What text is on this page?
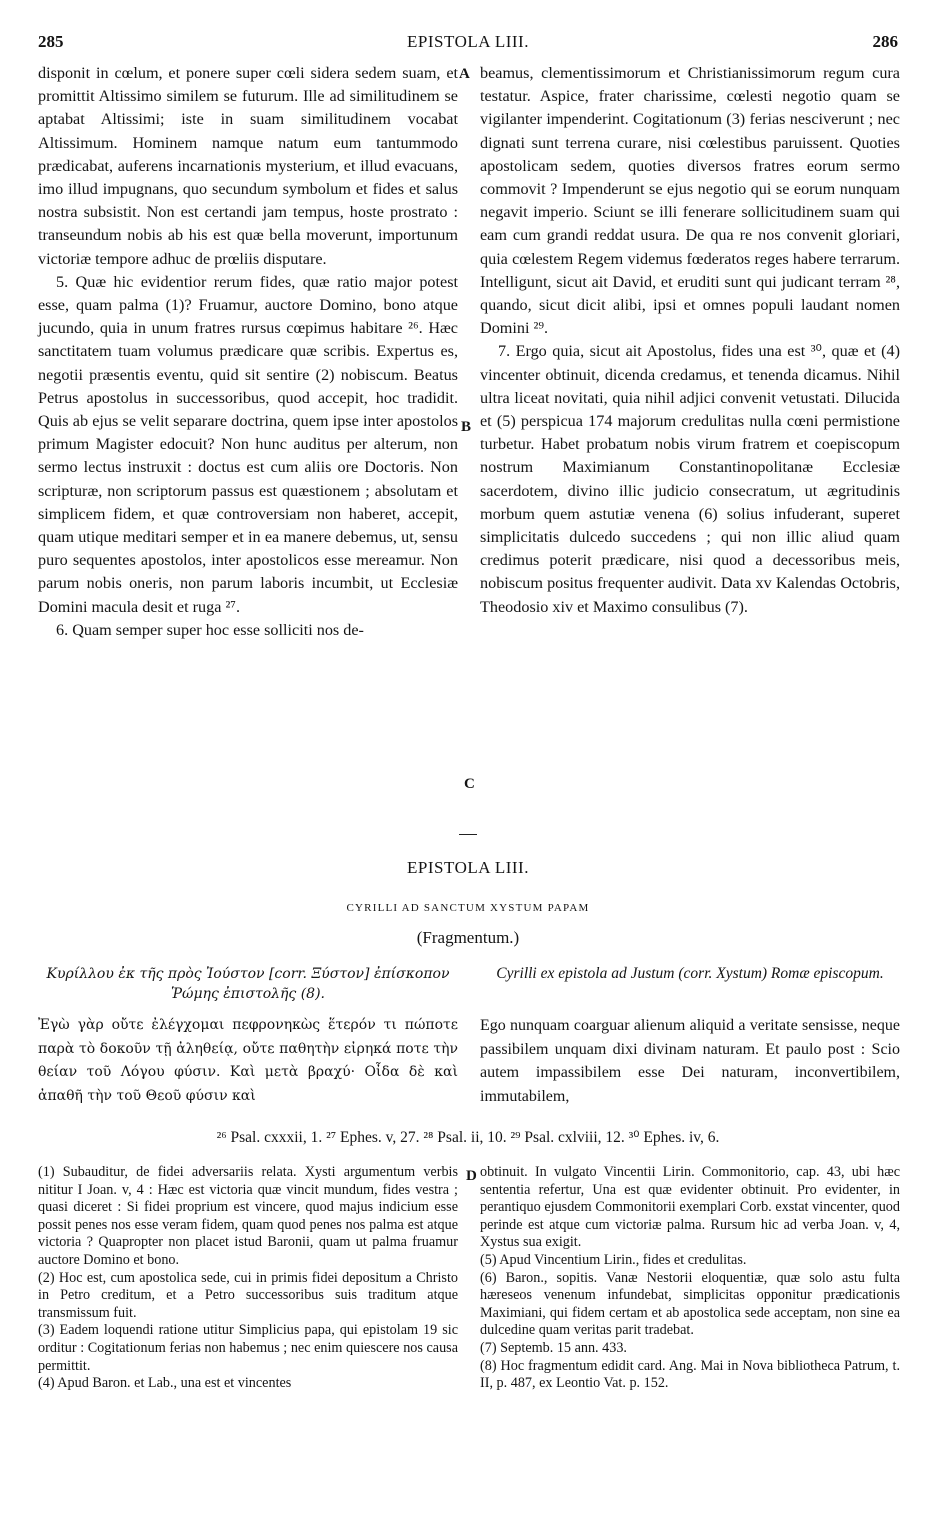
285	EPISTOLA LIII.	286

disponit in cœlum, et ponere super cœli sidera sedem suam, et promittit Altissimo similem se futurum. Ille ad similitudinem se aptabat Altissimi; iste in suam similitudinem vocabat Altissimum. Hominem namque natum eum tantummodo prædicabat, auferens incarnationis mysterium, et illud evacuans, imo illud impugnans, quo secundum symbolum et fides et salus nostra subsistit. Non est certandi jam tempus, hoste prostrato : transeundum nobis ab his est quæ bella moverunt, importunum victoriæ tempore adhuc de prœliis disputare.

5. Quæ hic evidentior rerum fides, quæ ratio major potest esse, quam palma (1)? Fruamur, auctore Domino, bono atque jucundo, quia in unum fratres rursus cœpimus habitare ²⁶. Hæc sanctitatem tuam volumus prædicare quæ scribis. Expertus es, negotii præsentis eventu, quid sit sentire (2) nobiscum. Beatus Petrus apostolus in successoribus, quod accepit, hoc tradidit. Quis ab ejus se velit separare doctrina, quem ipse inter apostolos primum Magister edocuit? Non hunc auditus per alterum, non sermo lectus instruxit : doctus est cum aliis ore Doctoris. Non scripturæ, non scriptorum passus est quæstionem ; absolutam et simplicem fidem, et quæ controversiam non haberet, accepit, quam utique meditari semper et in ea manere debemus, ut, sensu puro sequentes apostolos, inter apostolicos esse mereamur. Non parum nobis oneris, non parum laboris incumbit, ut Ecclesiæ Domini macula desit et ruga ²⁷.

6. Quam semper super hoc esse solliciti nos de-

A
B
C
D

beamus, clementissimorum et Christianissimorum regum cura testatur. Aspice, frater charissime, cœlesti negotio quam se vigilanter impenderint. Cogitationum (3) ferias nesciverunt ; nec dignati sunt terrena curare, nisi cœlestibus paruissent. Quoties apostolicam sedem, quoties diversos fratres eorum sermo commovit ? Impenderunt se ejus negotio qui se eorum nunquam negavit imperio. Sciunt se illi fenerare sollicitudinem suam qui eam cum grandi reddat usura. De qua re nos convenit gloriari, quia cœlestem Regem videmus fœderatos reges habere terrarum. Intelligunt, sicut ait David, et eruditi sunt qui judicant terram ²⁸, quando, sicut dicit alibi, ipsi et omnes populi laudant nomen Domini ²⁹.

7. Ergo quia, sicut ait Apostolus, fides una est ³⁰, quæ et (4) vincenter obtinuit, dicenda credamus, et tenenda dicamus. Nihil ultra liceat novitati, quia nihil adjici convenit vetustati. Dilucida et (5) perspicua 174 majorum credulitas nulla cœni permistione turbetur. Habet probatum nobis virum fratrem et coepiscopum nostrum Maximianum Constantinopolitanæ Ecclesiæ sacerdotem, divino illic judicio consecratum, ut ægritudinis morbum quem astutiæ venena (6) solius infuderant, superet simplicitatis dulcedo succedens ; qui non illic aliud quam credimus poterit prædicare, nisi quod a decessoribus meis, nobiscum positus frequenter audivit. Data xv Kalendas Octobris, Theodosio xiv et Maximo consulibus (7).

EPISTOLA LIII.
CYRILLI AD SANCTUM XYSTUM PAPAM
(Fragmentum.)
Κυρίλλου ἐκ τῆς πρὸς Ἰούστον [corr. Ξύστον] ἐπίσκοπον Ῥώμης ἐπιστολῆς (8).
Cyrilli ex epistola ad Justum (corr. Xystum) Romæ episcopum.
Ἐγὼ γὰρ οὔτε ἐλέγχομαι πεφρονηκὼς ἕτερόν τι πώποτε παρὰ τὸ δοκοῦν τῇ ἀληθείᾳ, οὔτε παθητὴν εἰρηκά ποτε τὴν θείαν τοῦ Λόγου φύσιν. Καὶ μετὰ βραχύ· Οἶδα δὲ καὶ ἀπαθῆ τὴν τοῦ Θεοῦ φύσιν καὶ
Ego nunquam coarguar alienum aliquid a veritate sensisse, neque passibilem unquam dixi divinam naturam. Et paulo post : Scio autem impassibilem esse Dei naturam, inconvertibilem, immutabilem,
²⁶ Psal. cxxxii, 1. ²⁷ Ephes. v, 27. ²⁸ Psal. ii, 10. ²⁹ Psal. cxlviii, 12. ³⁰ Ephes. iv, 6.

(1) Subauditur, de fidei adversariis relata. Xysti argumentum verbis nititur I Joan. v, 4 : Hæc est victoria quæ vincit mundum, fides vestra ; quasi diceret : Si fidei proprium est vincere, quod majus indicium esse possit penes nos esse veram fidem, quam quod penes nos palma est atque victoria ? Quapropter non placet istud Baronii, quam ut palma fruamur auctore Domino et bono.

(2) Hoc est, cum apostolica sede, cui in primis fidei depositum a Christo in Petro creditum, et a Petro successoribus suis traditum atque transmissum fuit.

(3) Eadem loquendi ratione utitur Simplicius papa, qui epistolam 19 sic orditur : Cogitationum ferias non habemus ; nec enim quiescere nos causa permittit.

(4) Apud Baron. et Lab., una est et vincentes

obtinuit. In vulgato Vincentii Lirin. Commonitorio, cap. 43, ubi hæc sententia refertur, Una est quæ evidenter obtinuit. Pro evidenter, in perantiquo ejusdem Commonitorii exemplari Corb. exstat vincenter, quod perinde est atque cum victoriæ palma. Rursum hic ad verba Joan. v, 4, Xystus sua exigit.

(5) Apud Vincentium Lirin., fides et credulitas.

(6) Baron., sopitis. Vanæ Nestorii eloquentiæ, quæ solo astu fulta hæreseos venenum infundebat, simplicitas opponitur prædicationis Maximiani, qui fidem certam et ab apostolica sede acceptam, non sine ea dulcedine quam veritas parit tradebat.

(7) Septemb. 15 ann. 433.

(8) Hoc fragmentum edidit card. Ang. Mai in Nova bibliotheca Patrum, t. II, p. 487, ex Leontio Vat. p. 152.
